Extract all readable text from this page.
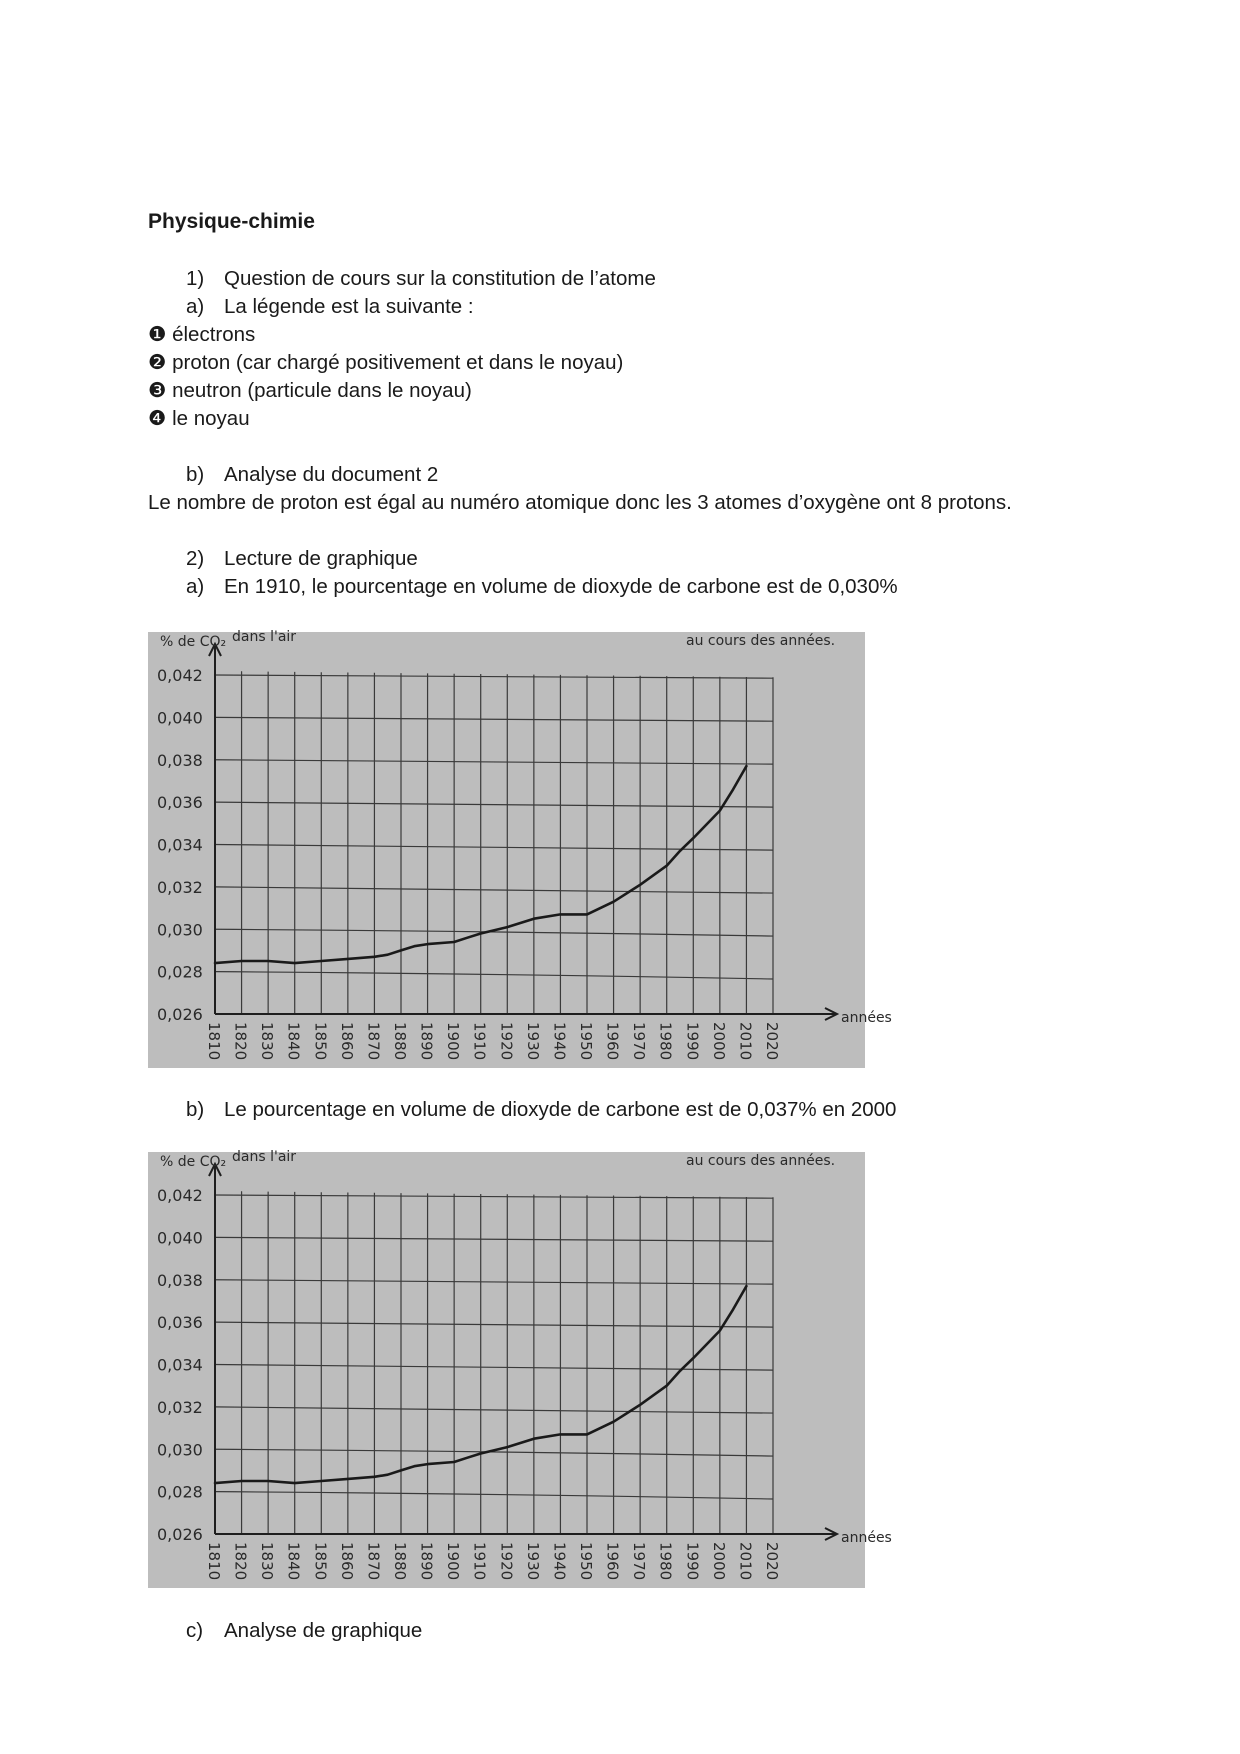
Physique-chimie
1) Question de cours sur la constitution de l’atome
a) La légende est la suivante :
❶ électrons
❷ proton (car chargé positivement et dans le noyau)
❸ neutron (particule dans le noyau)
❹ le noyau
b) Analyse du document 2
Le nombre de proton est égal au numéro atomique donc les 3 atomes d’oxygène ont 8 protons.
2) Lecture de graphique
a) En 1910, le pourcentage en volume de dioxyde de carbone est de 0,030%
0,026
0,028
0,030
0,032
0,034
0,036
0,038
0,040
0,042
1810 1820 1830 1840 1850 1860 1870 1880 1890 1900 1910 1920 1930 1940 1950 1960 1970 1980 1990 2000 2010 2020
% de CO₂ dans l'air	au cours des années.
années
b) Le pourcentage en volume de dioxyde de carbone est de 0,037% en 2000
0,026
0,028
0,030
0,032
0,034
0,036
0,038
0,040
0,042
1810 1820 1830 1840 1850 1860 1870 1880 1890 1900 1910 1920 1930 1940 1950 1960 1970 1980 1990 2000 2010 2020
% de CO₂ dans l'air	au cours des années.
années
c) Analyse de graphique
